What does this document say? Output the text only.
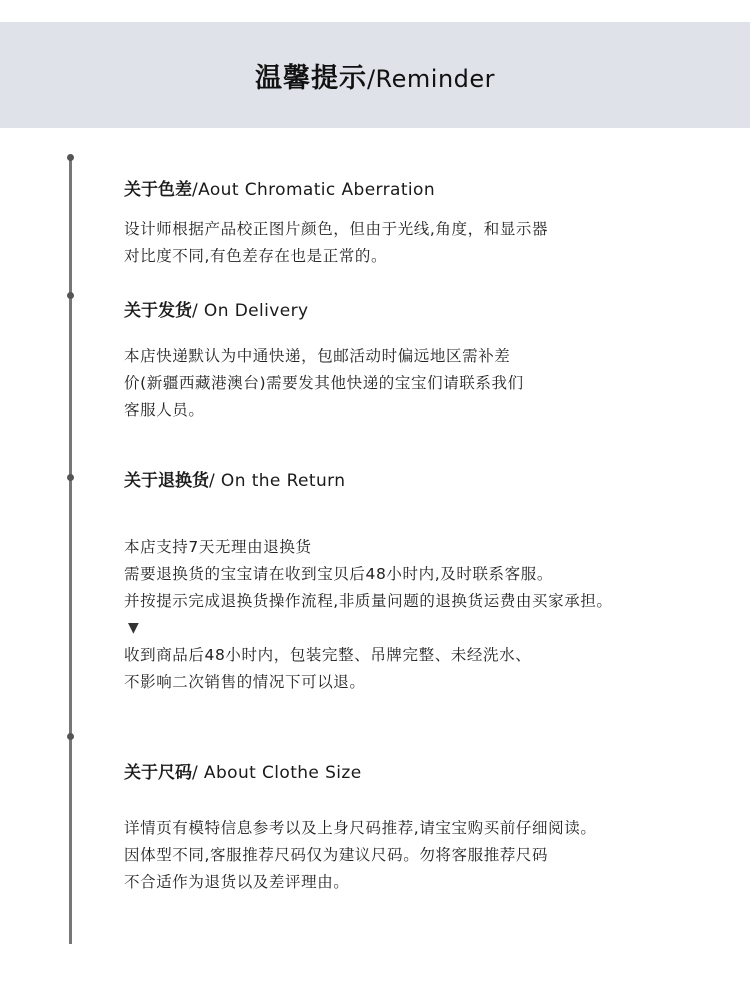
温馨提示/Reminder
关于色差/Aout Chromatic Aberration
设计师根据产品校正图片颜色，但由于光线,角度，和显示器
对比度不同,有色差存在也是正常的。
关于发货/ On Delivery
本店快递默认为中通快递，包邮活动时偏远地区需补差
价(新疆西藏港澳台)需要发其他快递的宝宝们请联系我们
客服人员。
关于退换货/ On the Return
本店支持7天无理由退换货
需要退换货的宝宝请在收到宝贝后48小时内,及时联系客服。
并按提示完成退换货操作流程,非质量问题的退换货运费由买家承担。
▼
收到商品后48小时内，包装完整、吊牌完整、未经洗水、
不影响二次销售的情况下可以退。
关于尺码/ About Clothe Size
详情页有模特信息参考以及上身尺码推荐,请宝宝购买前仔细阅读。
因体型不同,客服推荐尺码仅为建议尺码。勿将客服推荐尺码
不合适作为退货以及差评理由。
